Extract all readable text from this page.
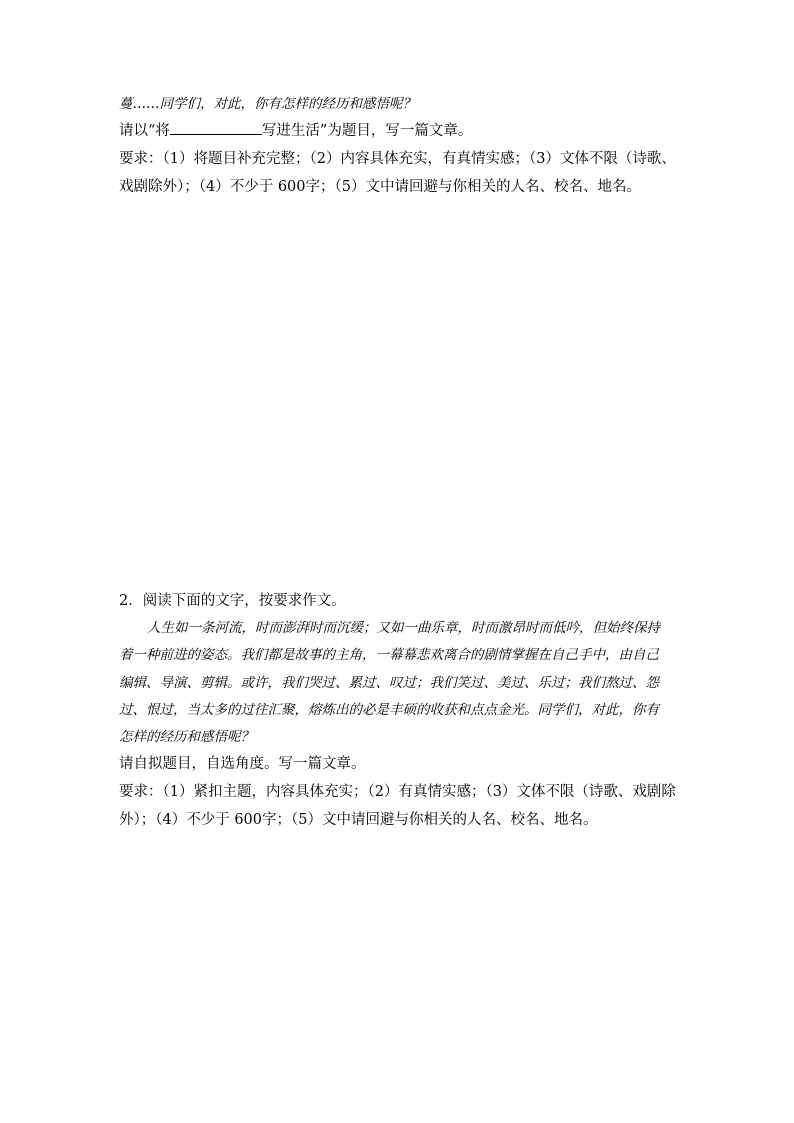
蔓……同学们，对此，你有怎样的经历和感悟呢？

请以“将	写进生活”为题目，写一篇文章。

要求：（1）将题目补充完整；（2）内容具体充实，有真情实感；（3）文体不限（诗歌、

戏剧除外）；（4）不少于 600字；（5）文中请回避与你相关的人名、校名、地名。

2．阅读下面的文字，按要求作文。

人生如一条河流，时而澎湃时而沉缓；又如一曲乐章，时而激昂时而低吟，但始终保持

着一种前进的姿态。我们都是故事的主角，一幕幕悲欢离合的剧情掌握在自己手中，由自己

编辑、导演、剪辑。或许，我们哭过、累过、叹过；我们笑过、美过、乐过；我们熬过、怨

过、恨过，当太多的过往汇聚，熔炼出的必是丰硕的收获和点点金光。同学们，对此，你有

怎样的经历和感悟呢？

请自拟题目，自选角度。写一篇文章。

要求：（1）紧扣主题，内容具体充实；（2）有真情实感；（3）文体不限（诗歌、戏剧除

外）；（4）不少于 600字；（5）文中请回避与你相关的人名、校名、地名。
